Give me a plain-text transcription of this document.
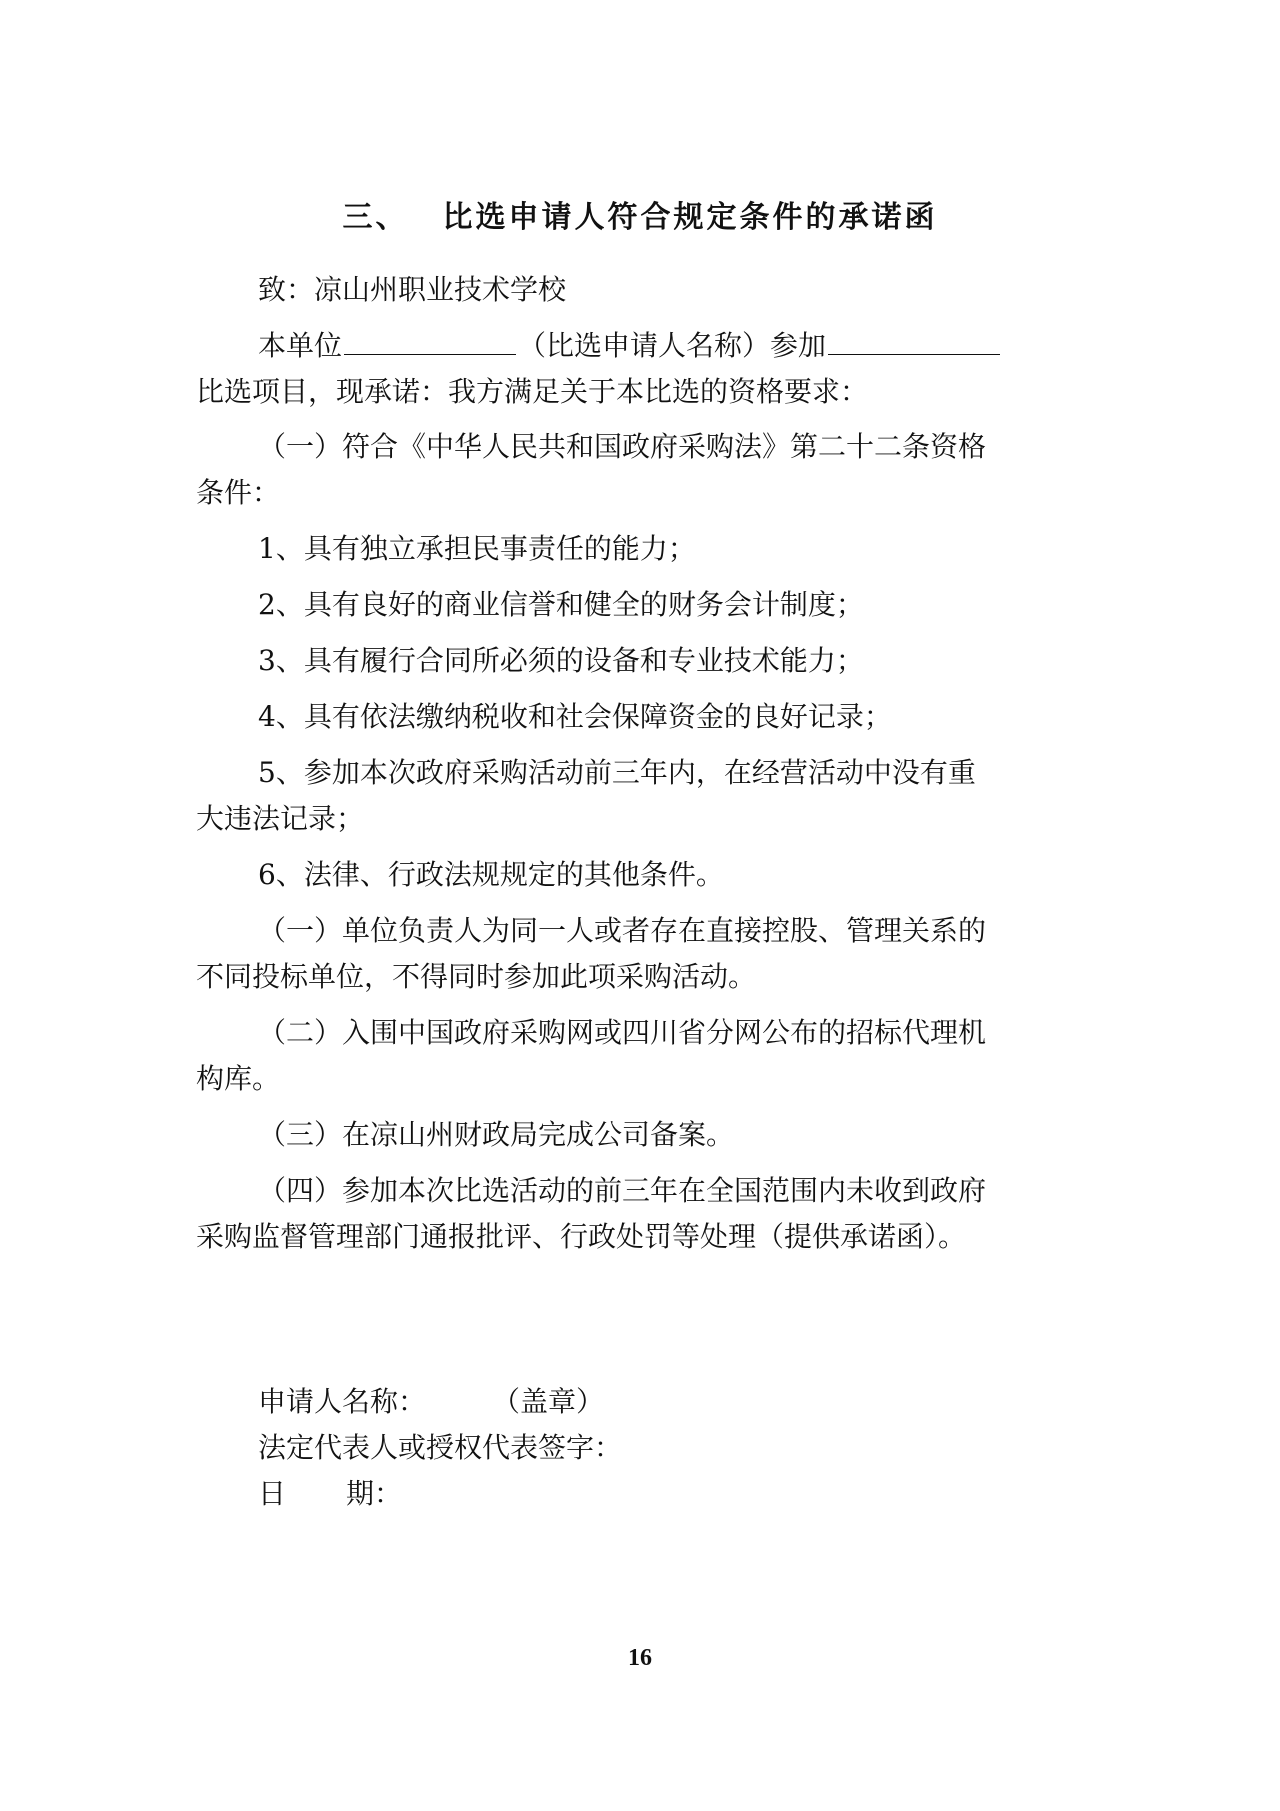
三、 比选申请人符合规定条件的承诺函
致：凉山州职业技术学校
本单位	（比选申请人名称）参加
比选项目，现承诺：我方满足关于本比选的资格要求：
（一）符合《中华人民共和国政府采购法》第二十二条资格
条件：
1、具有独立承担民事责任的能力；
2、具有良好的商业信誉和健全的财务会计制度；
3、具有履行合同所必须的设备和专业技术能力；
4、具有依法缴纳税收和社会保障资金的良好记录；
5、参加本次政府采购活动前三年内，在经营活动中没有重
大违法记录；
6、法律、行政法规规定的其他条件。
（一）单位负责人为同一人或者存在直接控股、管理关系的
不同投标单位，不得同时参加此项采购活动。
（二）入围中国政府采购网或四川省分网公布的招标代理机
构库。
（三）在凉山州财政局完成公司备案。
（四）参加本次比选活动的前三年在全国范围内未收到政府
采购监督管理部门通报批评、行政处罚等处理（提供承诺函）。
申请人名称： （盖章）
法定代表人或授权代表签字：
日 期：
16
